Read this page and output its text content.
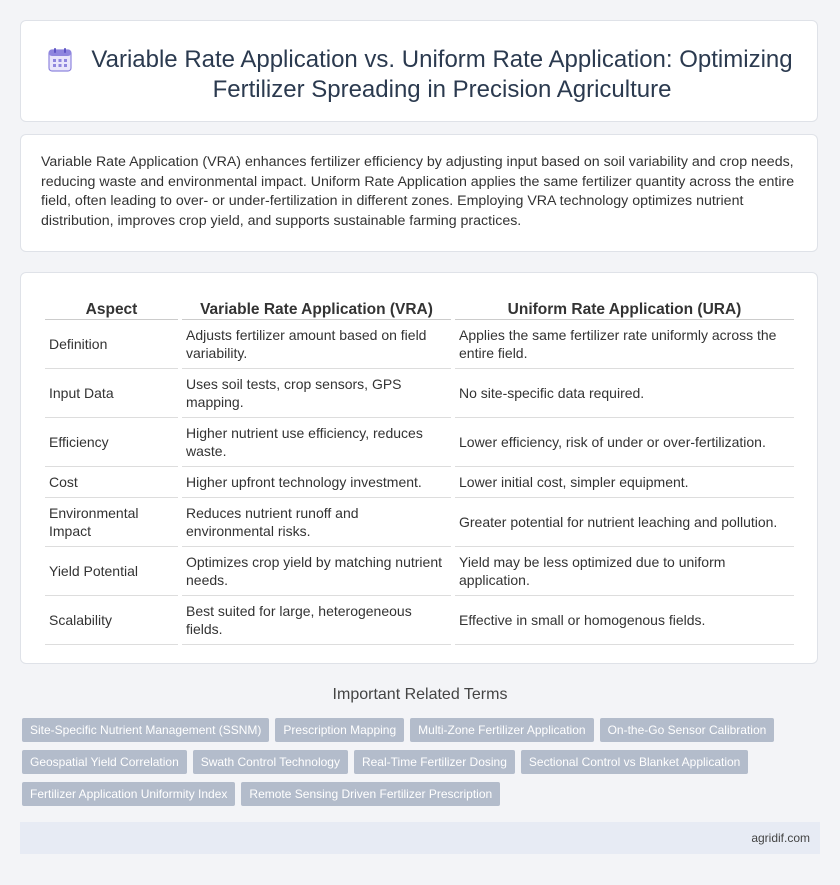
Variable Rate Application vs. Uniform Rate Application: Optimizing Fertilizer Spreading in Precision Agriculture
Variable Rate Application (VRA) enhances fertilizer efficiency by adjusting input based on soil variability and crop needs, reducing waste and environmental impact. Uniform Rate Application applies the same fertilizer quantity across the entire field, often leading to over- or under-fertilization in different zones. Employing VRA technology optimizes nutrient distribution, improves crop yield, and supports sustainable farming practices.
Aspect	Variable Rate Application (VRA)	Uniform Rate Application (URA)
Definition	Adjusts fertilizer amount based on field variability.	Applies the same fertilizer rate uniformly across the entire field.
Input Data	Uses soil tests, crop sensors, GPS mapping.	No site-specific data required.
Efficiency	Higher nutrient use efficiency, reduces waste.	Lower efficiency, risk of under or over-fertilization.
Cost	Higher upfront technology investment.	Lower initial cost, simpler equipment.
Environmental Impact	Reduces nutrient runoff and environmental risks.	Greater potential for nutrient leaching and pollution.
Yield Potential	Optimizes crop yield by matching nutrient needs.	Yield may be less optimized due to uniform application.
Scalability	Best suited for large, heterogeneous fields.	Effective in small or homogenous fields.
Important Related Terms
Site-Specific Nutrient Management (SSNM)	Prescription Mapping	Multi-Zone Fertilizer Application	On-the-Go Sensor Calibration
Geospatial Yield Correlation	Swath Control Technology	Real-Time Fertilizer Dosing	Sectional Control vs Blanket Application
Fertilizer Application Uniformity Index	Remote Sensing Driven Fertilizer Prescription
agridif.com
